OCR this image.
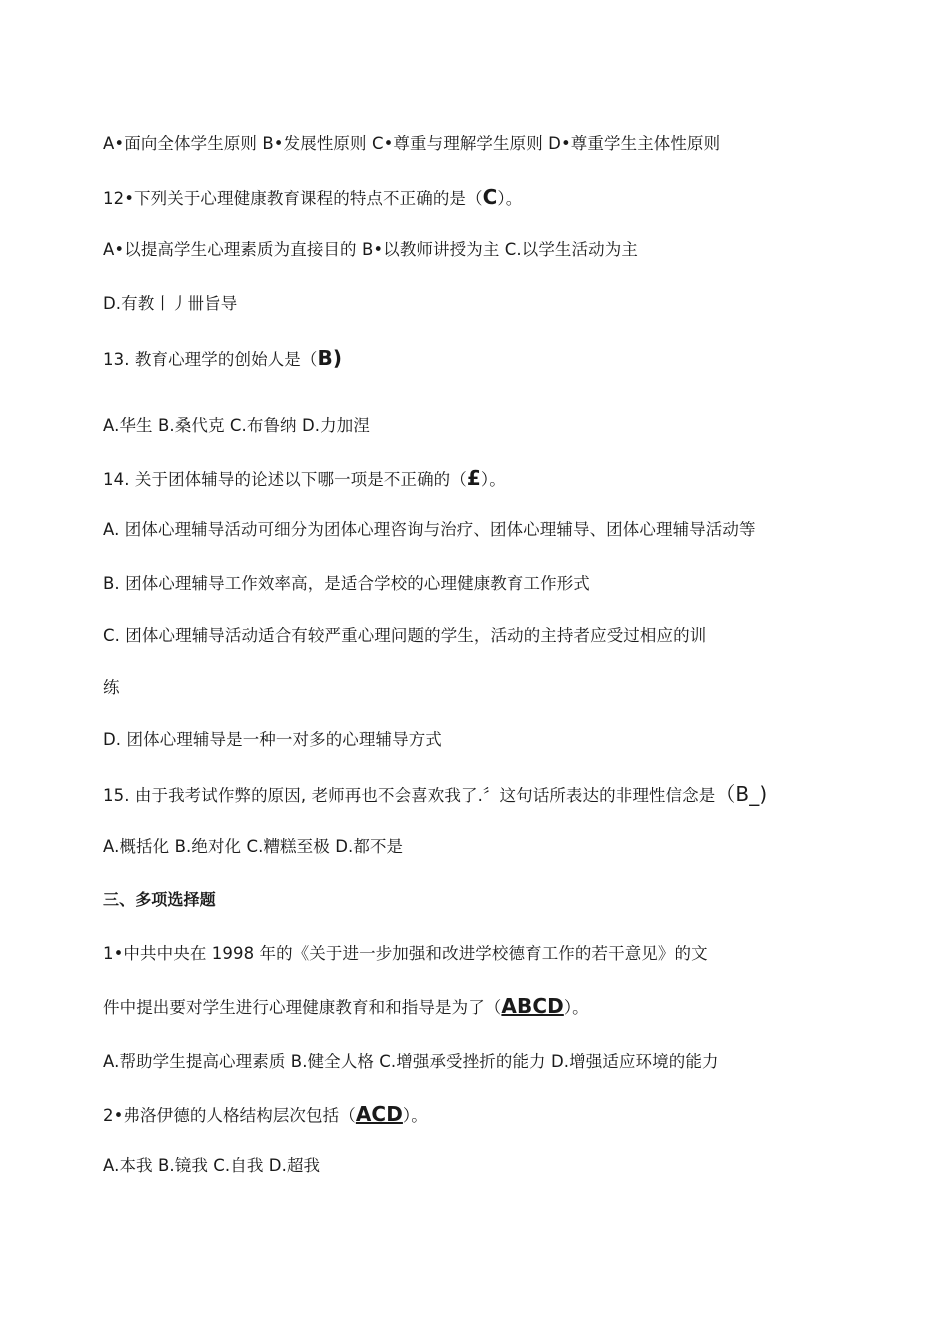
A•面向全体学生原则 B•发展性原则 C•尊重与理解学生原则 D•尊重学生主体性原则
12•下列关于心理健康教育课程的特点不正确的是（C）。
A•以提高学生心理素质为直接目的 B•以教师讲授为主 C.以学生活动为主
D.有教丨丿卌旨导
13. 教育心理学的创始人是（B)
A.华生 B.桑代克 C.布鲁纳 D.力加涅
14. 关于团体辅导的论述以下哪一项是不正确的（£）。
A. 团体心理辅导活动可细分为团体心理咨询与治疗、团体心理辅导、团体心理辅导活动等
B. 团体心理辅导工作效率高，是适合学校的心理健康教育工作形式
C. 团体心理辅导活动适合有较严重心理问题的学生，活动的主持者应受过相应的训
练
D. 团体心理辅导是一种一对多的心理辅导方式
15. 由于我考试作弊的原因, 老师再也不会喜欢我了.〞这句话所表达的非理性信念是（B_)
A.概括化 B.绝对化 C.糟糕至极 D.都不是
三、多项选择题
1•中共中央在 1998 年的《关于进一步加强和改进学校德育工作的若干意见》的文
件中提出要对学生进行心理健康教育和和指导是为了（ABCD）。
A.帮助学生提高心理素质 B.健全人格 C.增强承受挫折的能力 D.增强适应环境的能力
2•弗洛伊德的人格结构层次包括（ACD）。
A.本我 B.镜我 C.自我 D.超我
